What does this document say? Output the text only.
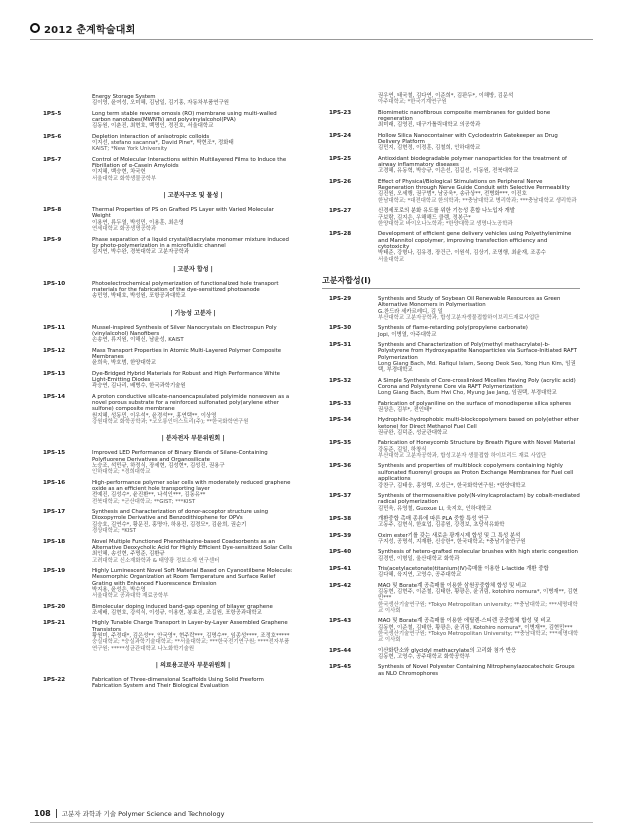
2012 춘계학술대회
Energy Storage System
김이영, 윤여성, 오미혜, 김남일, 김기홍, 자동차부품연구원
1PS-5	Long term stable reverse omosis (RO) membrane using multi-walled carbon nanotubes(MWNTs) and polyvinylalcohol(PVA)
김동원, 이춘진, 최현호, 백명인, 정진호, 서울대학교
1PS-6	Depletion interaction of anisotropic colloids
이지선, stefano sacanna*, David Pine*, 박현조*, 정화태
KAIST; *New York University
1PS-7	Control of Molecular Interactions within Multilayered Films to Induce the Fibrillation of α-Casein Amyloids
이지혜, 백승현, 차국헌
서울대학교 화학생물공학부
| 고분자구조 및 물성 |
1PS-8	Thermal Properties of PS on Grafted PS Layer with Varied Molecular Weight
이용연, 류두열, 박성민, 이용훈, 최은영
연세대학교 화공생명공학과
1PS-9	Phase separation of a liquid crystal/diacrylate monomer mixture induced by photo-polymerization in a microfluidic channel
김지연, 박수완, 경북대학교 고분자공학과
| 고분자 합성 |
1PS-10	Photoelectrochemical polymerization of functionalized hole transport materials for the fabrication of the dye-sensitized photoanode
송민영, 박태호, 박성원, 포항공과대학교
| 기능성 고분자 |
1PS-11	Mussel-inspired Synthesis of Silver Nanocrystals on Electrospun Poly (vinylalcohol) Nanofibers
손송연, 류지원, 이해신, 남윤성, KAIST
1PS-12	Mass Transport Properties in Atomic Multi-Layered Polymer Composite Membranes
윤희욱, 박호범, 한양대학교
1PS-13	Dye-Bridged Hybrid Materials for Robust and High Performance White Light-Emitting Diodes
곽승연, 김나리, 배병수, 한국과학기술원
1PS-14	A proton conductive silicate-nanoencapsulated polyimide nonwoven as a novel porous substrate for a reinforced sulfonated poly(arylene ether sulfone) composite membrane
원지혜, 성동민, 이우석*, 윤경석**, 홍연택**, 이상영
강원대학교 화학공학과; *코오롱인더스트리(주); **한국화학연구원
| 분자전자 부문위원회 |
1PS-15	Improved LED Performance of Binary Blends of Silane-Containing Polyfluorene Derivatives and Organosilicate
노승조, 석민규, 하정식, 장세현, 김성현*, 김성진, 권용구
인하대학교; *경희대학교
1PS-16	High-performance polymer solar cells with moderately reduced graphene oxide as an efficient hole transporting layer
전예진, 김성수*, 윤진환**, 나석인***, 김동유**
전북대학교; *군산대학교; **GIST; ***KIST
1PS-17	Synthesis and Characterization of donor-acceptor structure using Dioxopyrrole Derivative and Benzodithiophene for OPVs
김승호, 김연수*, 황문진, 홍명아, 하용진, 김경모*, 김윤희, 권순기
경상대학교; *KIST
1PS-18	Novel Multiple Functioned Phenothiazine-based Coadsorbents as an Alternative Deoxycholic Acid for Highly Efficient Dye-sensitized Solar Cells
최인혜, 송선현, 주명준, 김환규
고려대학교 신소재화학과 & 태양광 정보소재 연구센터
1PS-19	Highly Luminescent Novel Soft Material Based on Cyanostilbene Molecule: Mesomorphic Organization at Room Temperature and Surface Relief Grating with Enhanced Fluorescence Emission
박지용, 윤성은, 박수영
서울대학교 공과대학 재료공학부
1PS-20	Bimolecular doping induced band-gap opening of bilayer graphene
조세배, 김현호, 강석식, 이성규, 이용현, 봉효진, 조길원, 포항공과대학교
1PS-21	Highly Tunable Charge Transport in Layer-by-Layer Assembled Graphene Transistors
황원미, 주정대*, 김은성**, 안국영*, 현주락***, 김명수**, 임종성****, 조정호*****
숭실대학교; *숭실과학기술대학교; **서울대학교; ***한국전기연구원; ****전자부품연구원; *****성균관대학교 나노화학기술원
| 의료용고분자 부문위원회 |
1PS-22	Fabrication of Three-dimensional Scaffolds Using Solid Freeform Fabrication System and Their Biological Evaluation
권우연, 태국철, 김다연, 이준희*, 김판두*, 이해방, 김문석
아주대학교; *한국기계연구원
1PS-23	Biomimetic nanofibrous composite membranes for guided bone regeneration
최미래, 김영진, 대구가톨릭대학교 의공학과
1PS-24	Hollow Silica Nanocontainer with Cyclodextrin Gatekeeper as Drug Delivery Platform
김민지, 김현정, 이정훈, 김철희, 인하대학교
1PS-25	Antioxidant biodegradable polymer nanoparticles for the treatment of airway inflammatory diseases
고경혜, 유동혁, 박승규, 이은선, 김길선, 이동원, 전북대학교
1PS-26	Effect of Physical/Biological Stimulations on Peripheral Nerve Regeneration through Nerve Guide Conduit with Selective Permeability
김진원, 오세행, 권구범*, 남궁욱*, 송규상**, 전병화***, 이진호
한남대학교; *대전대학교 한의학과; **충남대학교 병리학과; ***충남대학교 생리학과
1PS-27	신경세포로의 분화 유도를 위한 기능성 혼합 나노입자 개발
구보람, 김지은, 우해해드 클렘, 정봉근*
한양대학교 바이오나노학과; *한양대학교 생명나노공학과
1PS-28	Development of efficient gene delivery vehicles using Polyethylenimine and Mannitol copolymer, improving transfection efficiency and cytotoxicity
박태준, 강형나, 김유경, 장건근, 이원석, 김상기, 조명행, 최윤재, 조종수
서울대학교
고분자합성(I)
1PS-29	Synthesis and Study of Soybean Oil Renewable Resources as Green Alternative Monomers in Polymerisation
G.찬드라 세카르레디, 김 일
부산대학교 고분자공학과, 합성고분자생물접합하이브리드재료사업단
1PS-30	Synthesis of flame-retarding poly(propylene carbonate)
Jopi, 이병열, 아주대학교
1PS-31	Synthesis and Characterization of Poly(methyl methacrylate)-b-Polystyrene from Hydroxyapatite Nanoparticles via Surface-Initiated RAFT Polymerization
Long Giang Bach, Md. Rafiqul Islam, Seong Deok Seo, Yong Hun Kim, 임권택, 부경대학교
1PS-32	A Simple Synthesis of Core-crosslinked Micelles Having Poly (acrylic acid) Corona and Polystyrene Core via RAFT Polymerization
Long Giang Bach, Bum Hwi Cho, Myung Jae Jang, 임권택, 부경대학교
1PS-33	Fabrication of polyaniline on the surface of monodisperse silica spheres
권상은, 김부*, 전인태*
1PS-34	Hydrophilic-hydrophobic multi-blockcopolymers based on poly(ether ether ketone) for Direct Methanol Fuel Cell
권규완, 김덕준, 성균관대학교
1PS-35	Fabrication of Honeycomb Structure by Breath Figure with Novel Material
강동준, 김일, 하창식
부산대학교 고분자공학과, 합성고분자 생물접합 하이브리드 재료 사업단
1PS-36	Synthesis and properties of multiblock copolymers containing highly sulfonated fluorenyl groups as Proton Exchange Membranes for Fuel cell applications
강찬구, 김태웅, 홍영택, 오성근*, 한국화학연구원; *한양대학교
1PS-37	Synthesis of thermosensitive poly(N-vinylcaprolactam) by cobalt-mediated radical polymerization
김민욱, 유영철, Guoxue Li, 육지호, 인하대학교
1PS-38	개환중합 촉매 종류에 따른 PLA 중합 특성 연구
고동주, 김현식, 한효업, 김종원, 강경보, 초당석유화학
1PS-39	Oxim ester기를 갖는 새로운 광개시제 합성 및 그 특성 분석
구지성, 공명석, 지재환, 신승한*, 한국대학교; *충남기술연구원
1PS-40	Synthesis of hetero-grafted molecular brushes with high steric congestion
김경빈, 이형일, 울산대학교 화학과
1PS-41	Tris(acetylacetonate)titanium(IV)촉매를 이용한 L-lactide 개환 중합
김다혜, 육지연, 고영수, 공주대학교
1PS-42	MAO 및 Borate계 공촉매를 이용한 삼원공중합체 합성 및 비교
김동현, 김현주, 이준철, 김태한, 황광은, 윤귀림, kotohiro nomura*, 이병재**, 김현민***
한국생산기술연구원; *Tokyo Metropolitan university; **충남대학교; ***세명대학교 이사회
1PS-43	MAO 및 Borate계 공촉매를 이용한 에틸렌-스티렌 공중합체 합성 및 비교
김동현, 이준철, 김태한, 황광은, 윤귀림, Kotohiro nomura*, 이병재**, 김현민***
한국생산기술연구원; *Tokyo Metropolitan University; **충남대학교; ***세명대학교 이사회
1PS-44	이산화탄소와 glycidyl methacrylate의 고리화 첨가 반응
김동현, 고영수, 공주대학교 화학공학부
1PS-45	Synthesis of Novel Polyester Containing Nitrophenylazocatechoic Groups as NLO Chromophores
108 고분자 과학과 기술 Polymer Science and Technology
